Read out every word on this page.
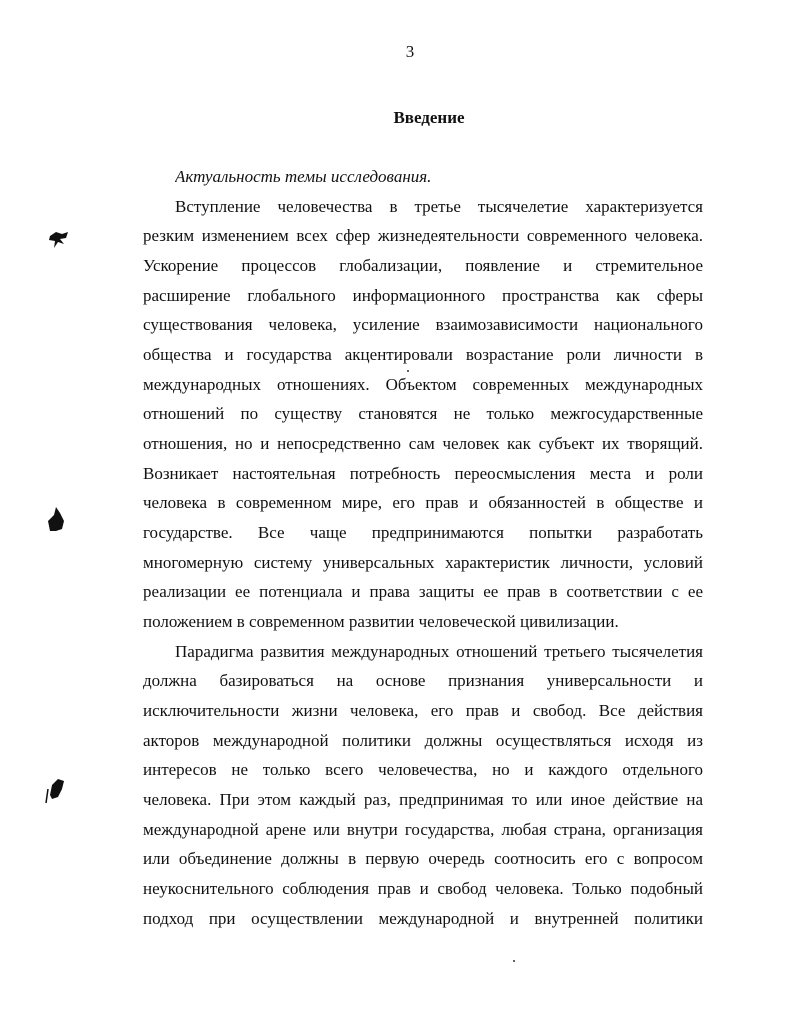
3
Введение
Актуальность темы исследования.
Вступление человечества в третье тысячелетие характеризуется
резким изменением всех сфер жизнедеятельности современного человека.
Ускорение процессов глобализации, появление и стремительное
расширение глобального информационного пространства как сферы
существования человека, усиление взаимозависимости национального
общества и государства акцентировали возрастание роли личности в
международных отношениях. Объектом современных международных
отношений по существу становятся не только межгосударственные
отношения, но и непосредственно сам человек как субъект их творящий.
Возникает настоятельная потребность переосмысления места и роли
человека в современном мире, его прав и обязанностей в обществе и
государстве. Все чаще предпринимаются попытки разработать
многомерную систему универсальных характеристик личности, условий
реализации ее потенциала и права защиты ее прав в соответствии с ее
положением в современном развитии человеческой цивилизации.
Парадигма развития международных отношений третьего тысячелетия
должна базироваться на основе признания универсальности и
исключительности жизни человека, его прав и свобод. Все действия
акторов международной политики должны осуществляться исходя из
интересов не только всего человечества, но и каждого отдельного
человека. При этом каждый раз, предпринимая то или иное действие на
международной арене или внутри государства, любая страна, организация
или объединение должны в первую очередь соотносить его с вопросом
неукоснительного соблюдения прав и свобод человека. Только подобный
подход при осуществлении международной и внутренней политики
